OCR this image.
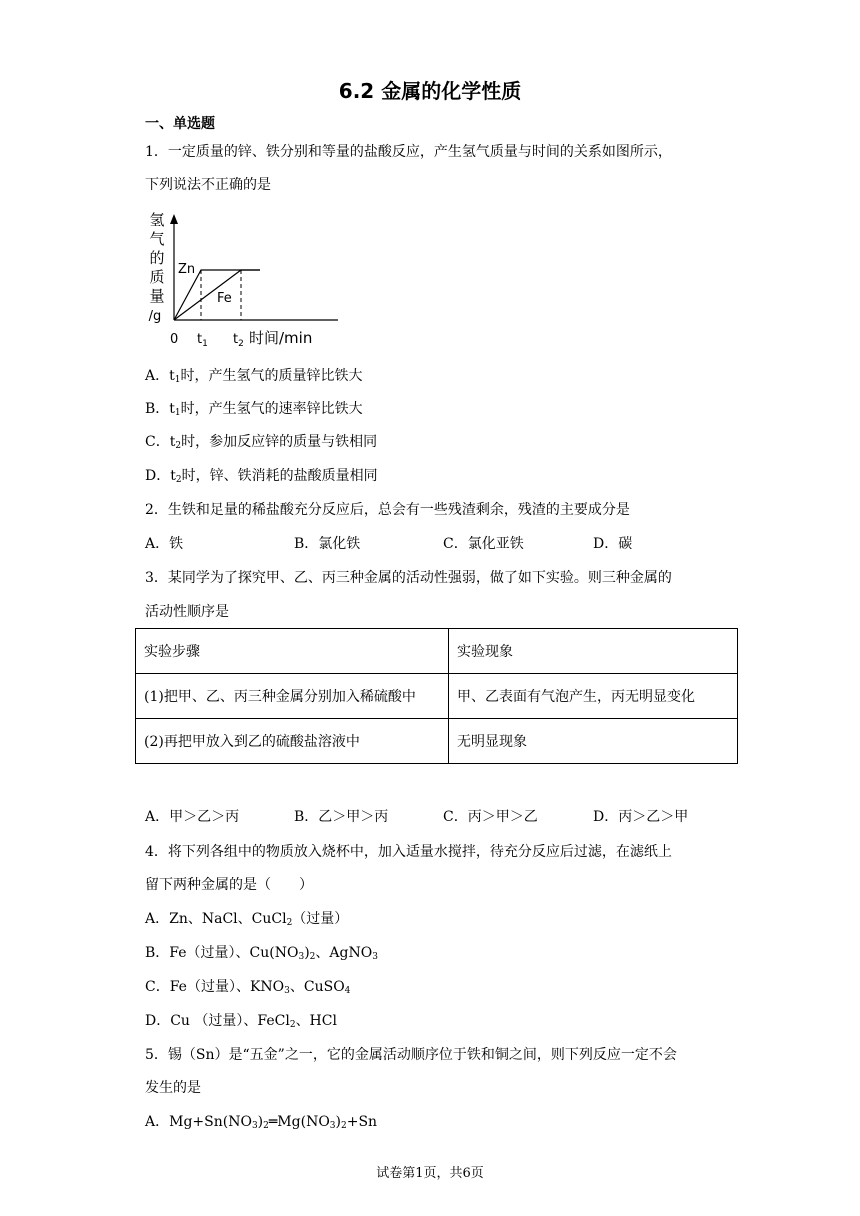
6.2 金属的化学性质
一、单选题
1．一定质量的锌、铁分别和等量的盐酸反应，产生氢气质量与时间的关系如图所示，
下列说法不正确的是
氢
气
的
质
量
/g
Zn
Fe
0 $t_1$ $t_2$ 时间/min
A．$t_1$时，产生氢气的质量锌比铁大
B．$t_1$时，产生氢气的速率锌比铁大
C．$t_2$时，参加反应锌的质量与铁相同
D．$t_2$时，锌、铁消耗的盐酸质量相同
2．生铁和足量的稀盐酸充分反应后，总会有一些残渣剩余，残渣的主要成分是
A．铁	B．氯化铁	C．氯化亚铁	D．碳
3．某同学为了探究甲、乙、丙三种金属的活动性强弱，做了如下实验。则三种金属的
活动性顺序是
实验步骤	实验现象
(1)把甲、乙、丙三种金属分别加入稀硫酸中	甲、乙表面有气泡产生，丙无明显变化
(2)再把甲放入到乙的硫酸盐溶液中	无明显现象
A．甲＞乙＞丙	B．乙＞甲＞丙	C．丙＞甲＞乙	D．丙＞乙＞甲
4．将下列各组中的物质放入烧杯中，加入适量水搅拌，待充分反应后过滤，在滤纸上
留下两种金属的是（　　）
A．Zn、NaCl、CuCl$_2$（过量）
B．Fe（过量）、$Cu(NO_3)_2$、AgNO$_3$
C．Fe（过量）、$KNO_3$、CuSO$_4$
D．Cu （过量）、FeCl$_2$、HCl
5．锡（Sn）是“五金”之一，它的金属活动顺序位于铁和铜之间，则下列反应一定不会
发生的是
A．$Mg+Sn(NO_3)_2═Mg(NO_3)_2+Sn$
试卷第1页，共6页
